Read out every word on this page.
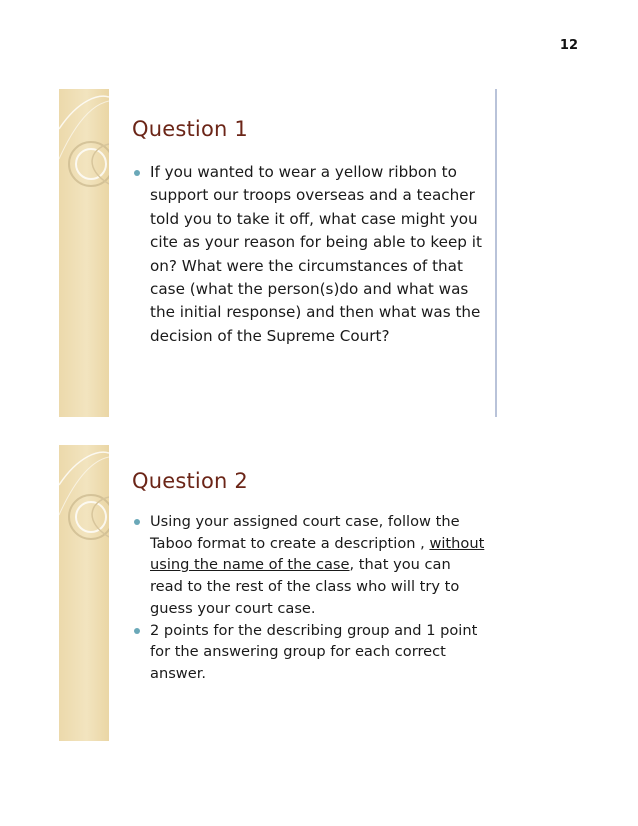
12
Question 1
If you wanted to wear a yellow ribbon to support our troops overseas and a teacher told you to take it off, what case might you cite as your reason for being able to keep it on? What were the circumstances of that case (what the person(s)do and what was the initial response) and then what was the decision of the Supreme Court?
Question 2
Using your assigned court case, follow the Taboo format to create a description , without using the name of the case, that you can read to the rest of the class who will try to guess your court case.
2 points for the describing group and 1 point for the answering group for each correct answer.
